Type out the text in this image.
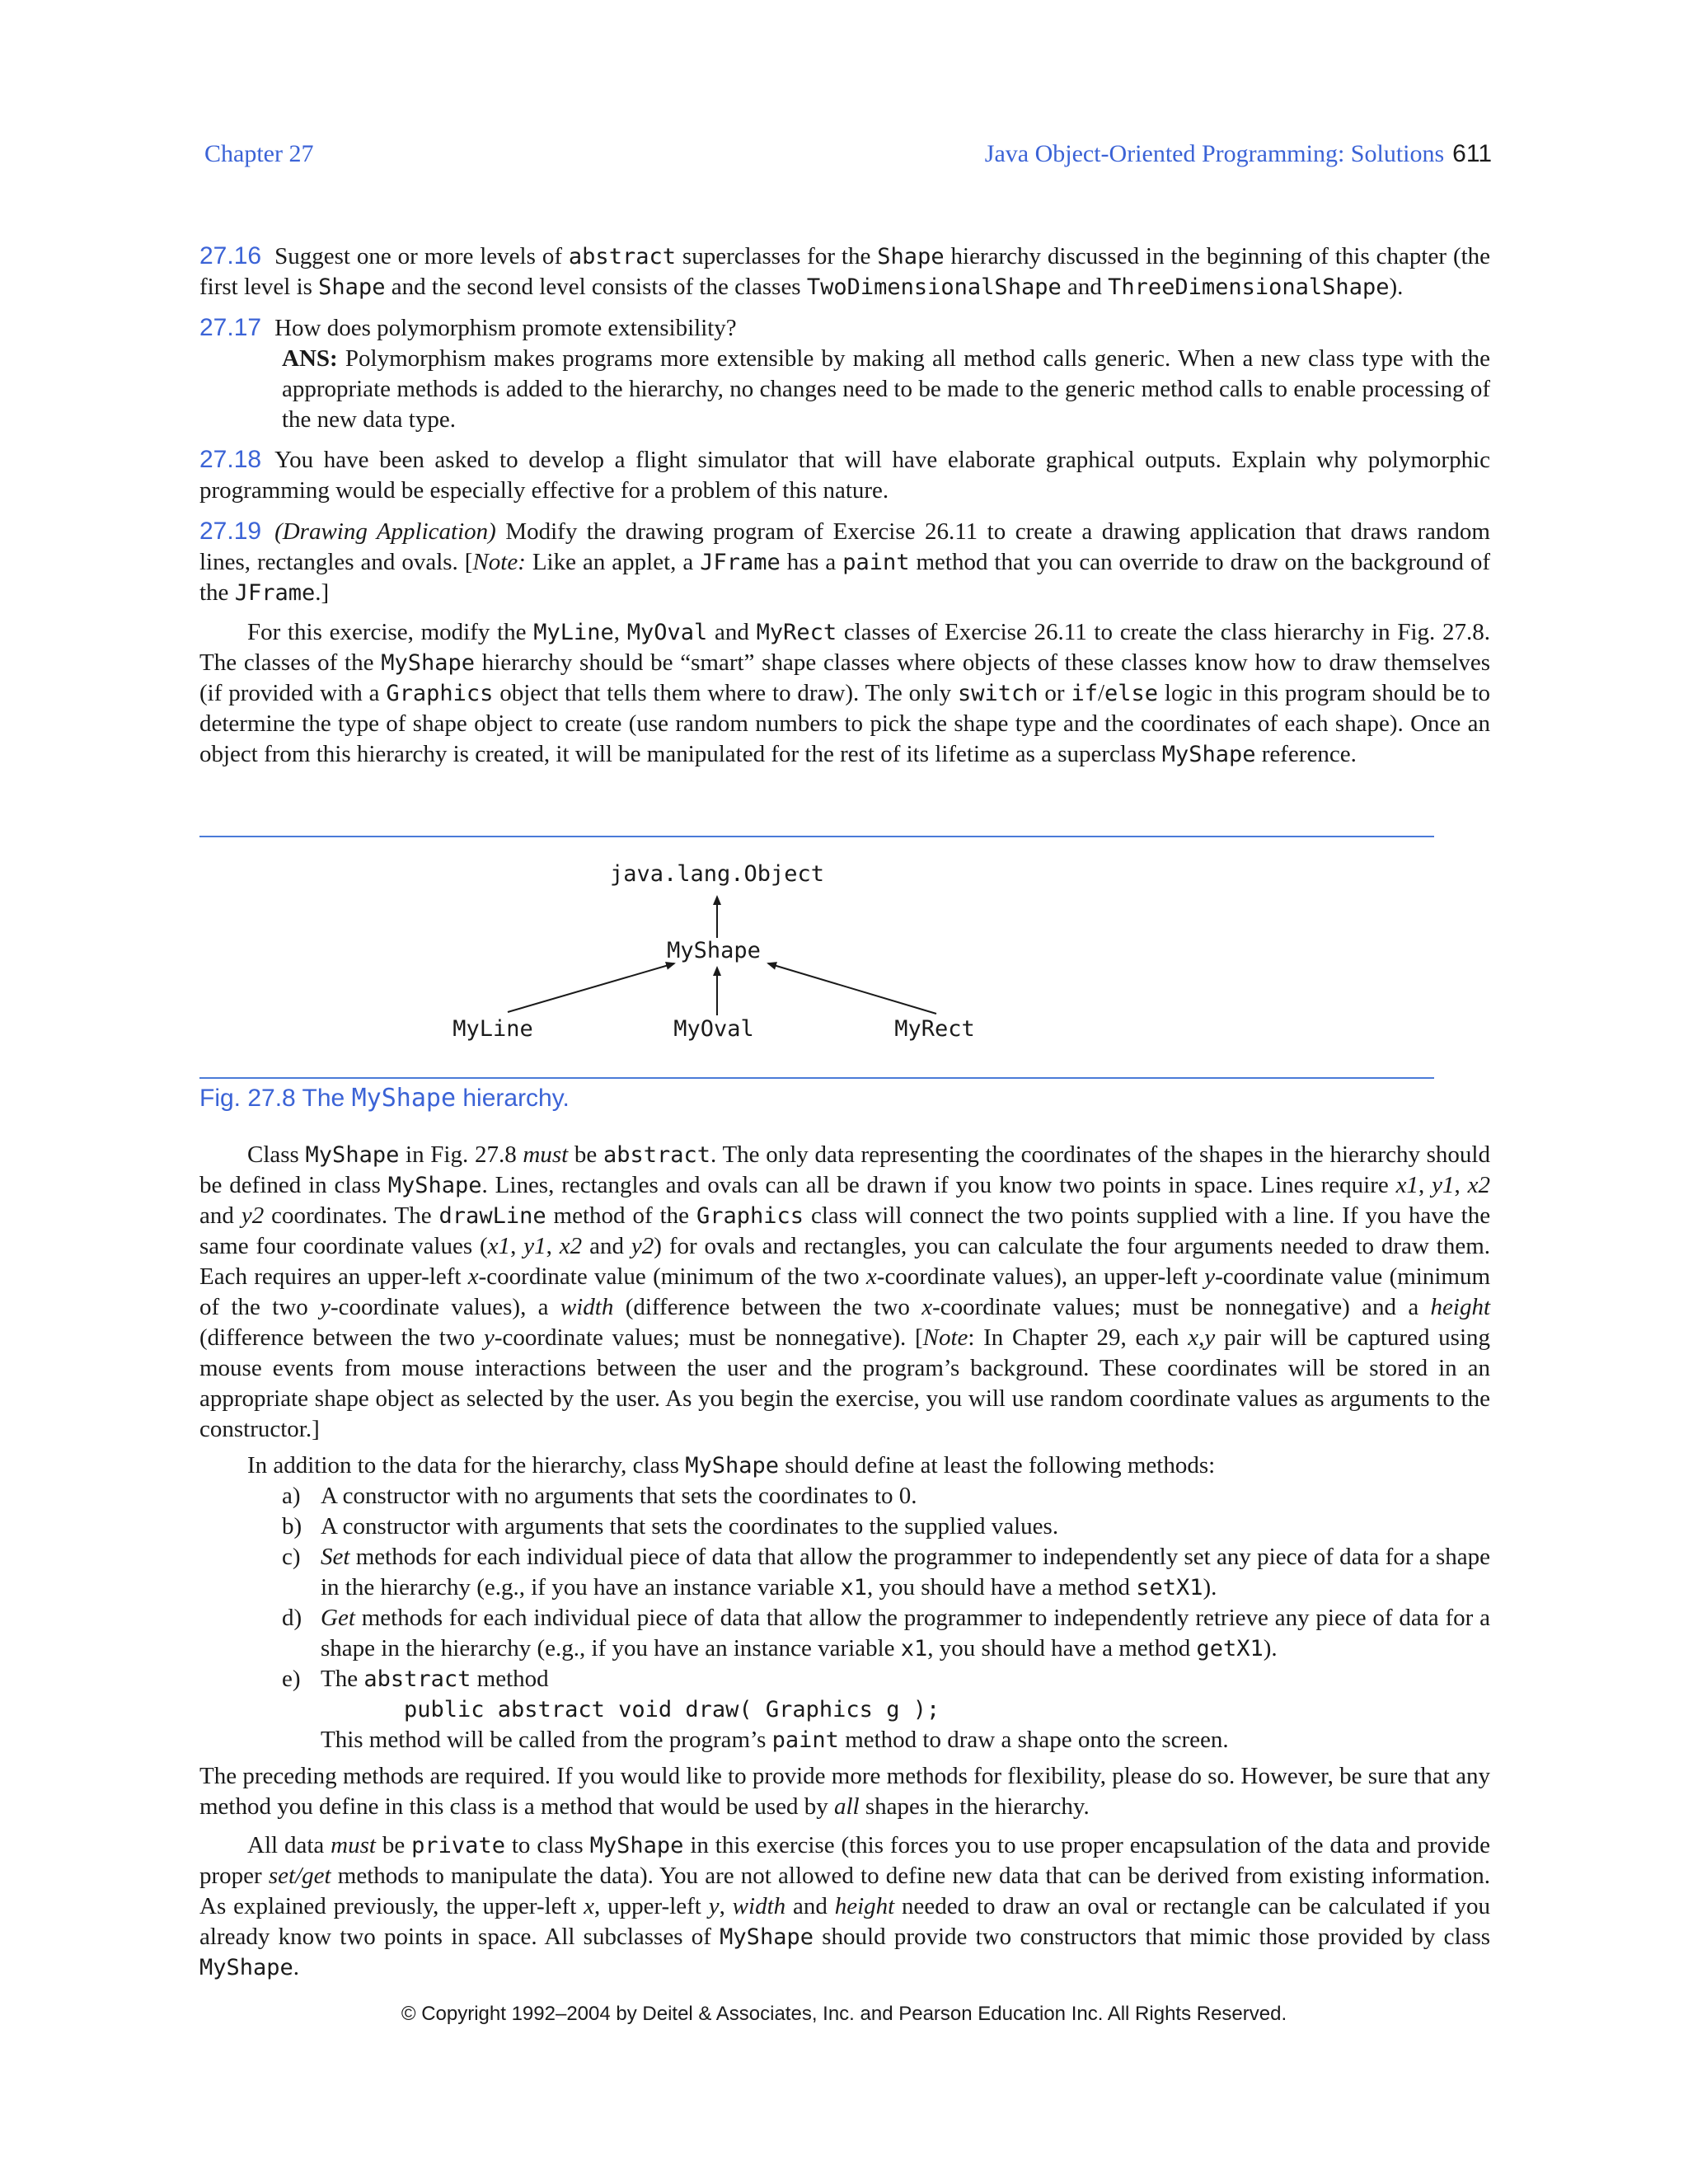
Chapter 27	Java Object-Oriented Programming: Solutions 611
27.16 Suggest one or more levels of abstract superclasses for the Shape hierarchy discussed in the beginning of this chapter (the first level is Shape and the second level consists of the classes TwoDimensionalShape and ThreeDimensionalShape).
27.17 How does polymorphism promote extensibility?
ANS: Polymorphism makes programs more extensible by making all method calls generic. When a new class type with the appropriate methods is added to the hierarchy, no changes need to be made to the generic method calls to enable processing of the new data type.
27.18 You have been asked to develop a flight simulator that will have elaborate graphical outputs. Explain why polymorphic programming would be especially effective for a problem of this nature.
27.19 (Drawing Application) Modify the drawing program of Exercise 26.11 to create a drawing application that draws random lines, rectangles and ovals. [Note: Like an applet, a JFrame has a paint method that you can override to draw on the background of the JFrame.]
For this exercise, modify the MyLine, MyOval and MyRect classes of Exercise 26.11 to create the class hierarchy in Fig. 27.8. The classes of the MyShape hierarchy should be “smart” shape classes where objects of these classes know how to draw themselves (if provided with a Graphics object that tells them where to draw). The only switch or if/else logic in this program should be to determine the type of shape object to create (use random numbers to pick the shape type and the coordinates of each shape). Once an object from this hierarchy is created, it will be manipulated for the rest of its lifetime as a superclass MyShape reference.
java.lang.Object
MyShape
MyLine	MyOval	MyRect
Fig. 27.8 The MyShape hierarchy.
Class MyShape in Fig. 27.8 must be abstract. The only data representing the coordinates of the shapes in the hierarchy should be defined in class MyShape. Lines, rectangles and ovals can all be drawn if you know two points in space. Lines require x1, y1, x2 and y2 coordinates. The drawLine method of the Graphics class will connect the two points supplied with a line. If you have the same four coordinate values (x1, y1, x2 and y2) for ovals and rectangles, you can calculate the four arguments needed to draw them. Each requires an upper-left x-coordinate value (minimum of the two x-coordinate values), an upper-left y-coordinate value (minimum of the two y-coordinate values), a width (difference between the two x-coordinate values; must be nonnegative) and a height (difference between the two y-coordinate values; must be nonnegative). [Note: In Chapter 29, each x,y pair will be captured using mouse events from mouse interactions between the user and the program’s background. These coordinates will be stored in an appropriate shape object as selected by the user. As you begin the exercise, you will use random coordinate values as arguments to the constructor.]
In addition to the data for the hierarchy, class MyShape should define at least the following methods:
a) A constructor with no arguments that sets the coordinates to 0.
b) A constructor with arguments that sets the coordinates to the supplied values.
c) Set methods for each individual piece of data that allow the programmer to independently set any piece of data for a shape in the hierarchy (e.g., if you have an instance variable x1, you should have a method setX1).
d) Get methods for each individual piece of data that allow the programmer to independently retrieve any piece of data for a shape in the hierarchy (e.g., if you have an instance variable x1, you should have a method getX1).
e) The abstract method
public abstract void draw( Graphics g );
This method will be called from the program’s paint method to draw a shape onto the screen.
The preceding methods are required. If you would like to provide more methods for flexibility, please do so. However, be sure that any method you define in this class is a method that would be used by all shapes in the hierarchy.
All data must be private to class MyShape in this exercise (this forces you to use proper encapsulation of the data and provide proper set/get methods to manipulate the data). You are not allowed to define new data that can be derived from existing information. As explained previously, the upper-left x, upper-left y, width and height needed to draw an oval or rectangle can be calculated if you already know two points in space. All subclasses of MyShape should provide two constructors that mimic those provided by class MyShape.
© Copyright 1992–2004 by Deitel & Associates, Inc. and Pearson Education Inc. All Rights Reserved.
